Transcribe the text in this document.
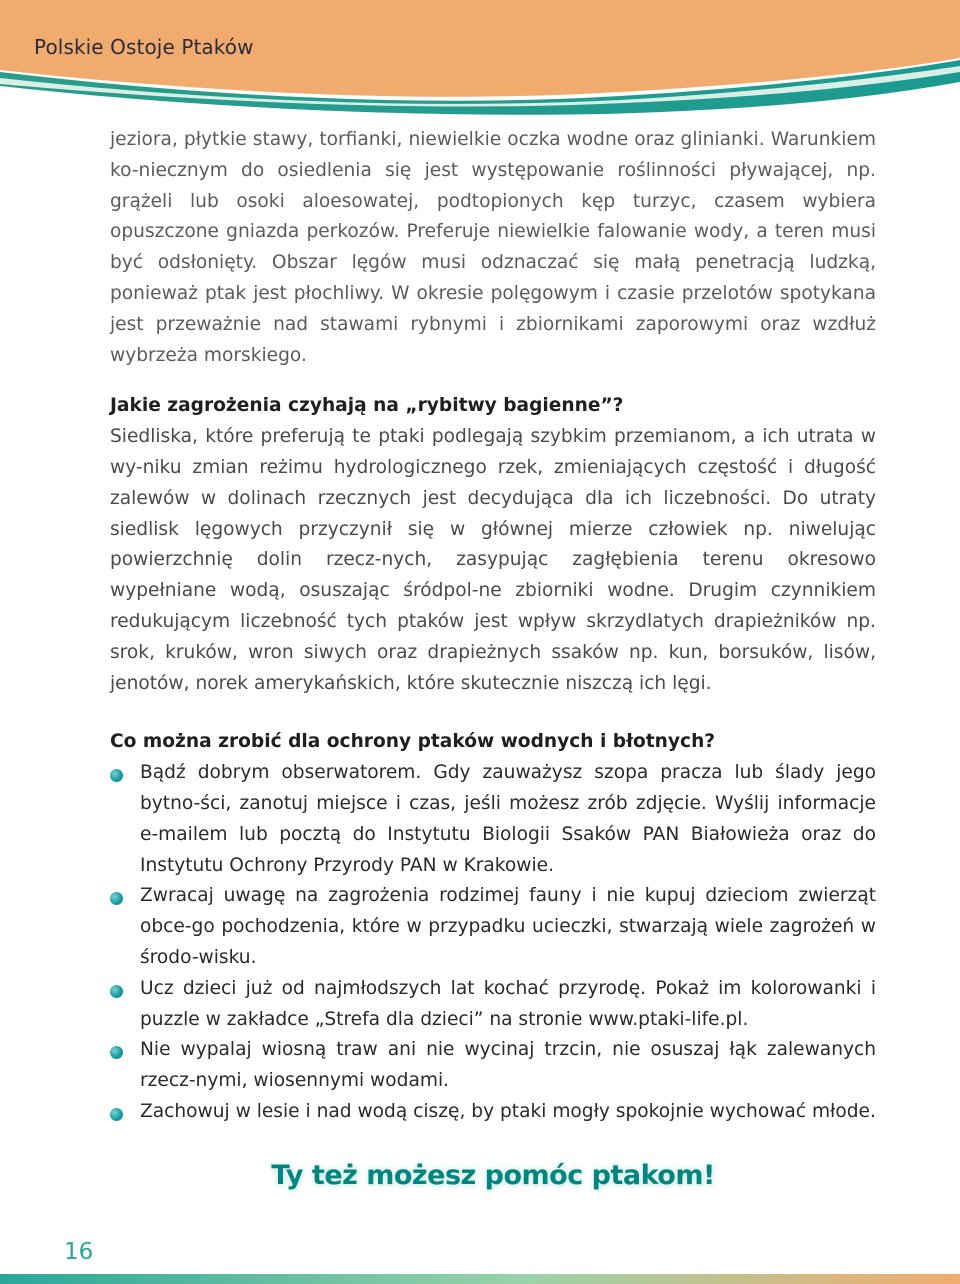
Polskie Ostoje Ptaków

jeziora, płytkie stawy, torfianki, niewielkie oczka wodne oraz glinianki. Warunkiem ko-niecznym do osiedlenia się jest występowanie roślinności pływającej, np. grążeli lub osoki aloesowatej, podtopionych kęp turzyc, czasem wybiera opuszczone gniazda perkozów. Preferuje niewielkie falowanie wody, a teren musi być odsłonięty. Obszar lęgów musi odznaczać się małą penetracją ludzką, ponieważ ptak jest płochliwy. W okresie polęgowym i czasie przelotów spotykana jest przeważnie nad stawami rybnymi i zbiornikami zaporowymi oraz wzdłuż wybrzeża morskiego.

Jakie zagrożenia czyhają na „rybitwy bagienne”?

Siedliska, które preferują te ptaki podlegają szybkim przemianom, a ich utrata w wy-niku zmian reżimu hydrologicznego rzek, zmieniających częstość i długość zalewów w dolinach rzecznych jest decydująca dla ich liczebności. Do utraty siedlisk lęgowych przyczynił się w głównej mierze człowiek np. niwelując powierzchnię dolin rzecz-nych, zasypując zagłębienia terenu okresowo wypełniane wodą, osuszając śródpol-ne zbiorniki wodne. Drugim czynnikiem redukującym liczebność tych ptaków jest wpływ skrzydlatych drapieżników np. srok, kruków, wron siwych oraz drapieżnych ssaków np. kun, borsuków, lisów, jenotów, norek amerykańskich, które skutecznie niszczą ich lęgi.

Co można zrobić dla ochrony ptaków wodnych i błotnych?
Bądź dobrym obserwatorem. Gdy zauważysz szopa pracza lub ślady jego bytno-ści, zanotuj miejsce i czas, jeśli możesz zrób zdjęcie. Wyślij informacje e-mailem lub pocztą do Instytutu Biologii Ssaków PAN Białowieża oraz do Instytutu Ochrony Przyrody PAN w Krakowie.
Zwracaj uwagę na zagrożenia rodzimej fauny i nie kupuj dzieciom zwierząt obce-go pochodzenia, które w przypadku ucieczki, stwarzają wiele zagrożeń w środo-wisku.
Ucz dzieci już od najmłodszych lat kochać przyrodę. Pokaż im kolorowanki i puzzle w zakładce „Strefa dla dzieci” na stronie www.ptaki-life.pl.
Nie wypalaj wiosną traw ani nie wycinaj trzcin, nie osuszaj łąk zalewanych rzecz-nymi, wiosennymi wodami.
Zachowuj w lesie i nad wodą ciszę, by ptaki mogły spokojnie wychować młode.
Ty też możesz pomóc ptakom!
16
